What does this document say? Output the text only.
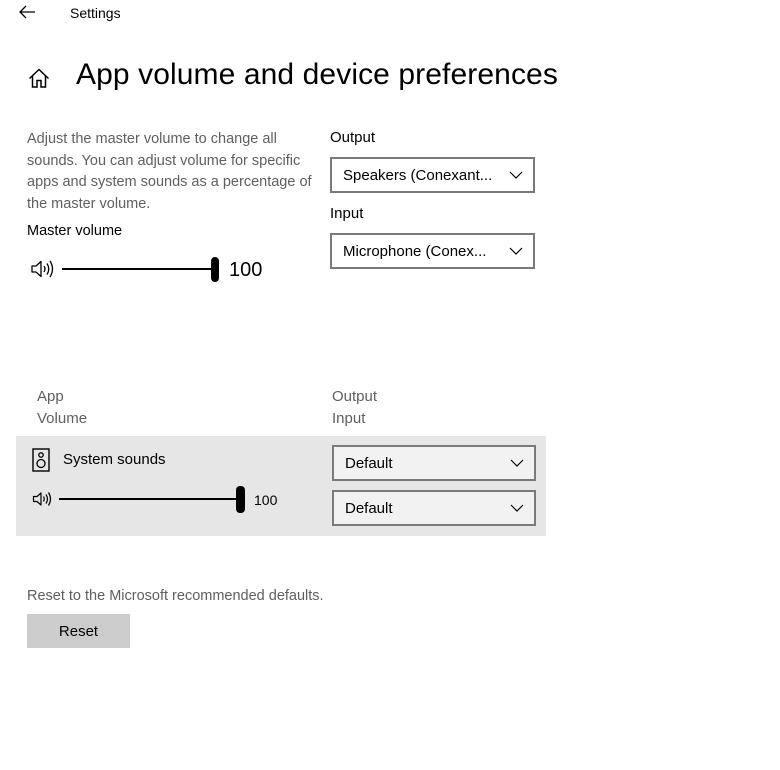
Settings
App volume and device preferences
Adjust the master volume to change all sounds. You can adjust volume for specific apps and system sounds as a percentage of the master volume.
Master volume
100
Output
Speakers (Conexant...
Input
Microphone (Conex...
App
Volume
Output
Input
System sounds
100
Default
Default
Reset to the Microsoft recommended defaults.
Reset
